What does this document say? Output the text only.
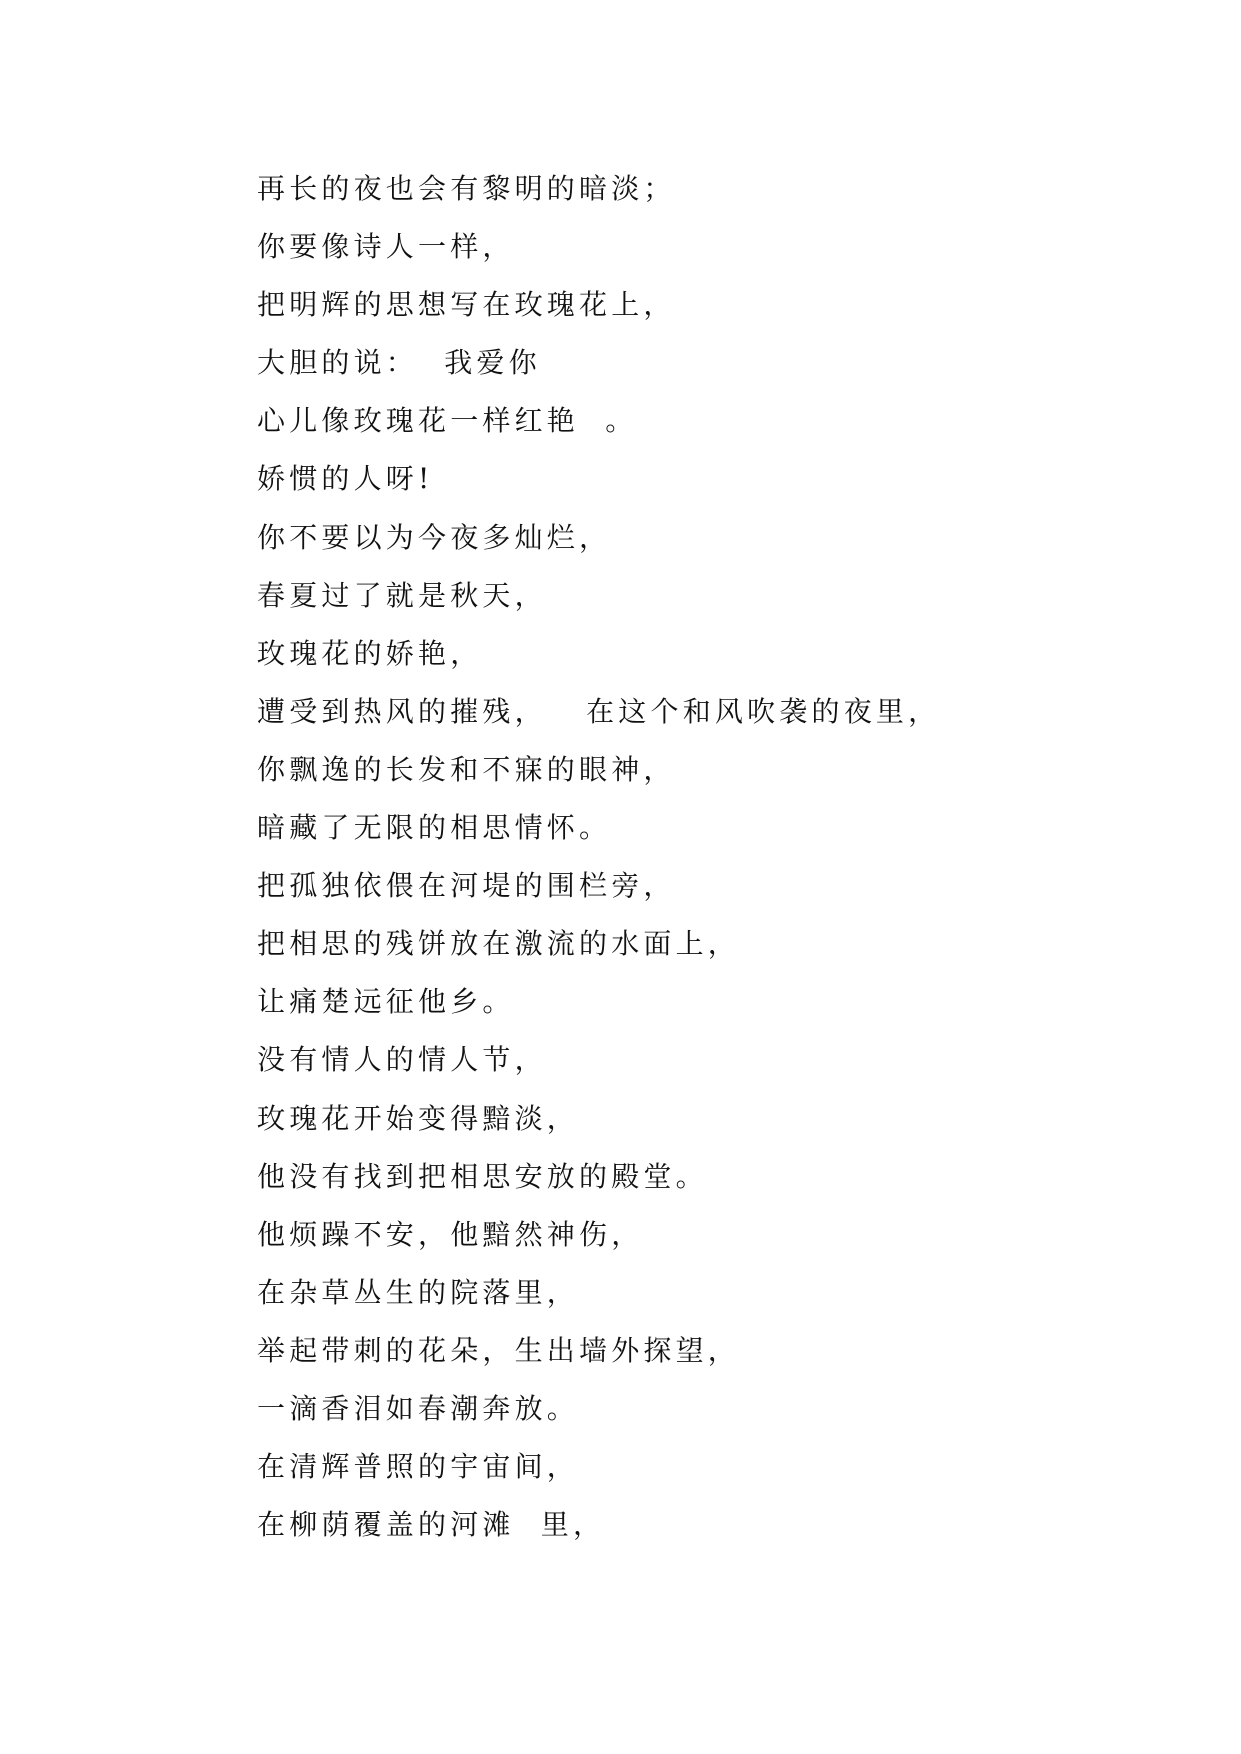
再长的夜也会有黎明的暗淡；
你要像诗人一样，
把明辉的思想写在玫瑰花上，
大胆的说：  我爱你
心儿像玫瑰花一样红艳  。
娇惯的人呀!
你不要以为今夜多灿烂，
春夏过了就是秋天，
玫瑰花的娇艳，
遭受到热风的摧残，   在这个和风吹袭的夜里，
你飘逸的长发和不寐的眼神，
暗藏了无限的相思情怀。
把孤独依偎在河堤的围栏旁，
把相思的残饼放在激流的水面上，
让痛楚远征他乡。
没有情人的情人节，
玫瑰花开始变得黯淡，
他没有找到把相思安放的殿堂。
他烦躁不安，他黯然神伤，
在杂草丛生的院落里，
举起带刺的花朵，生出墙外探望，
一滴香泪如春潮奔放。
在清辉普照的宇宙间，
在柳荫覆盖的河滩  里，
